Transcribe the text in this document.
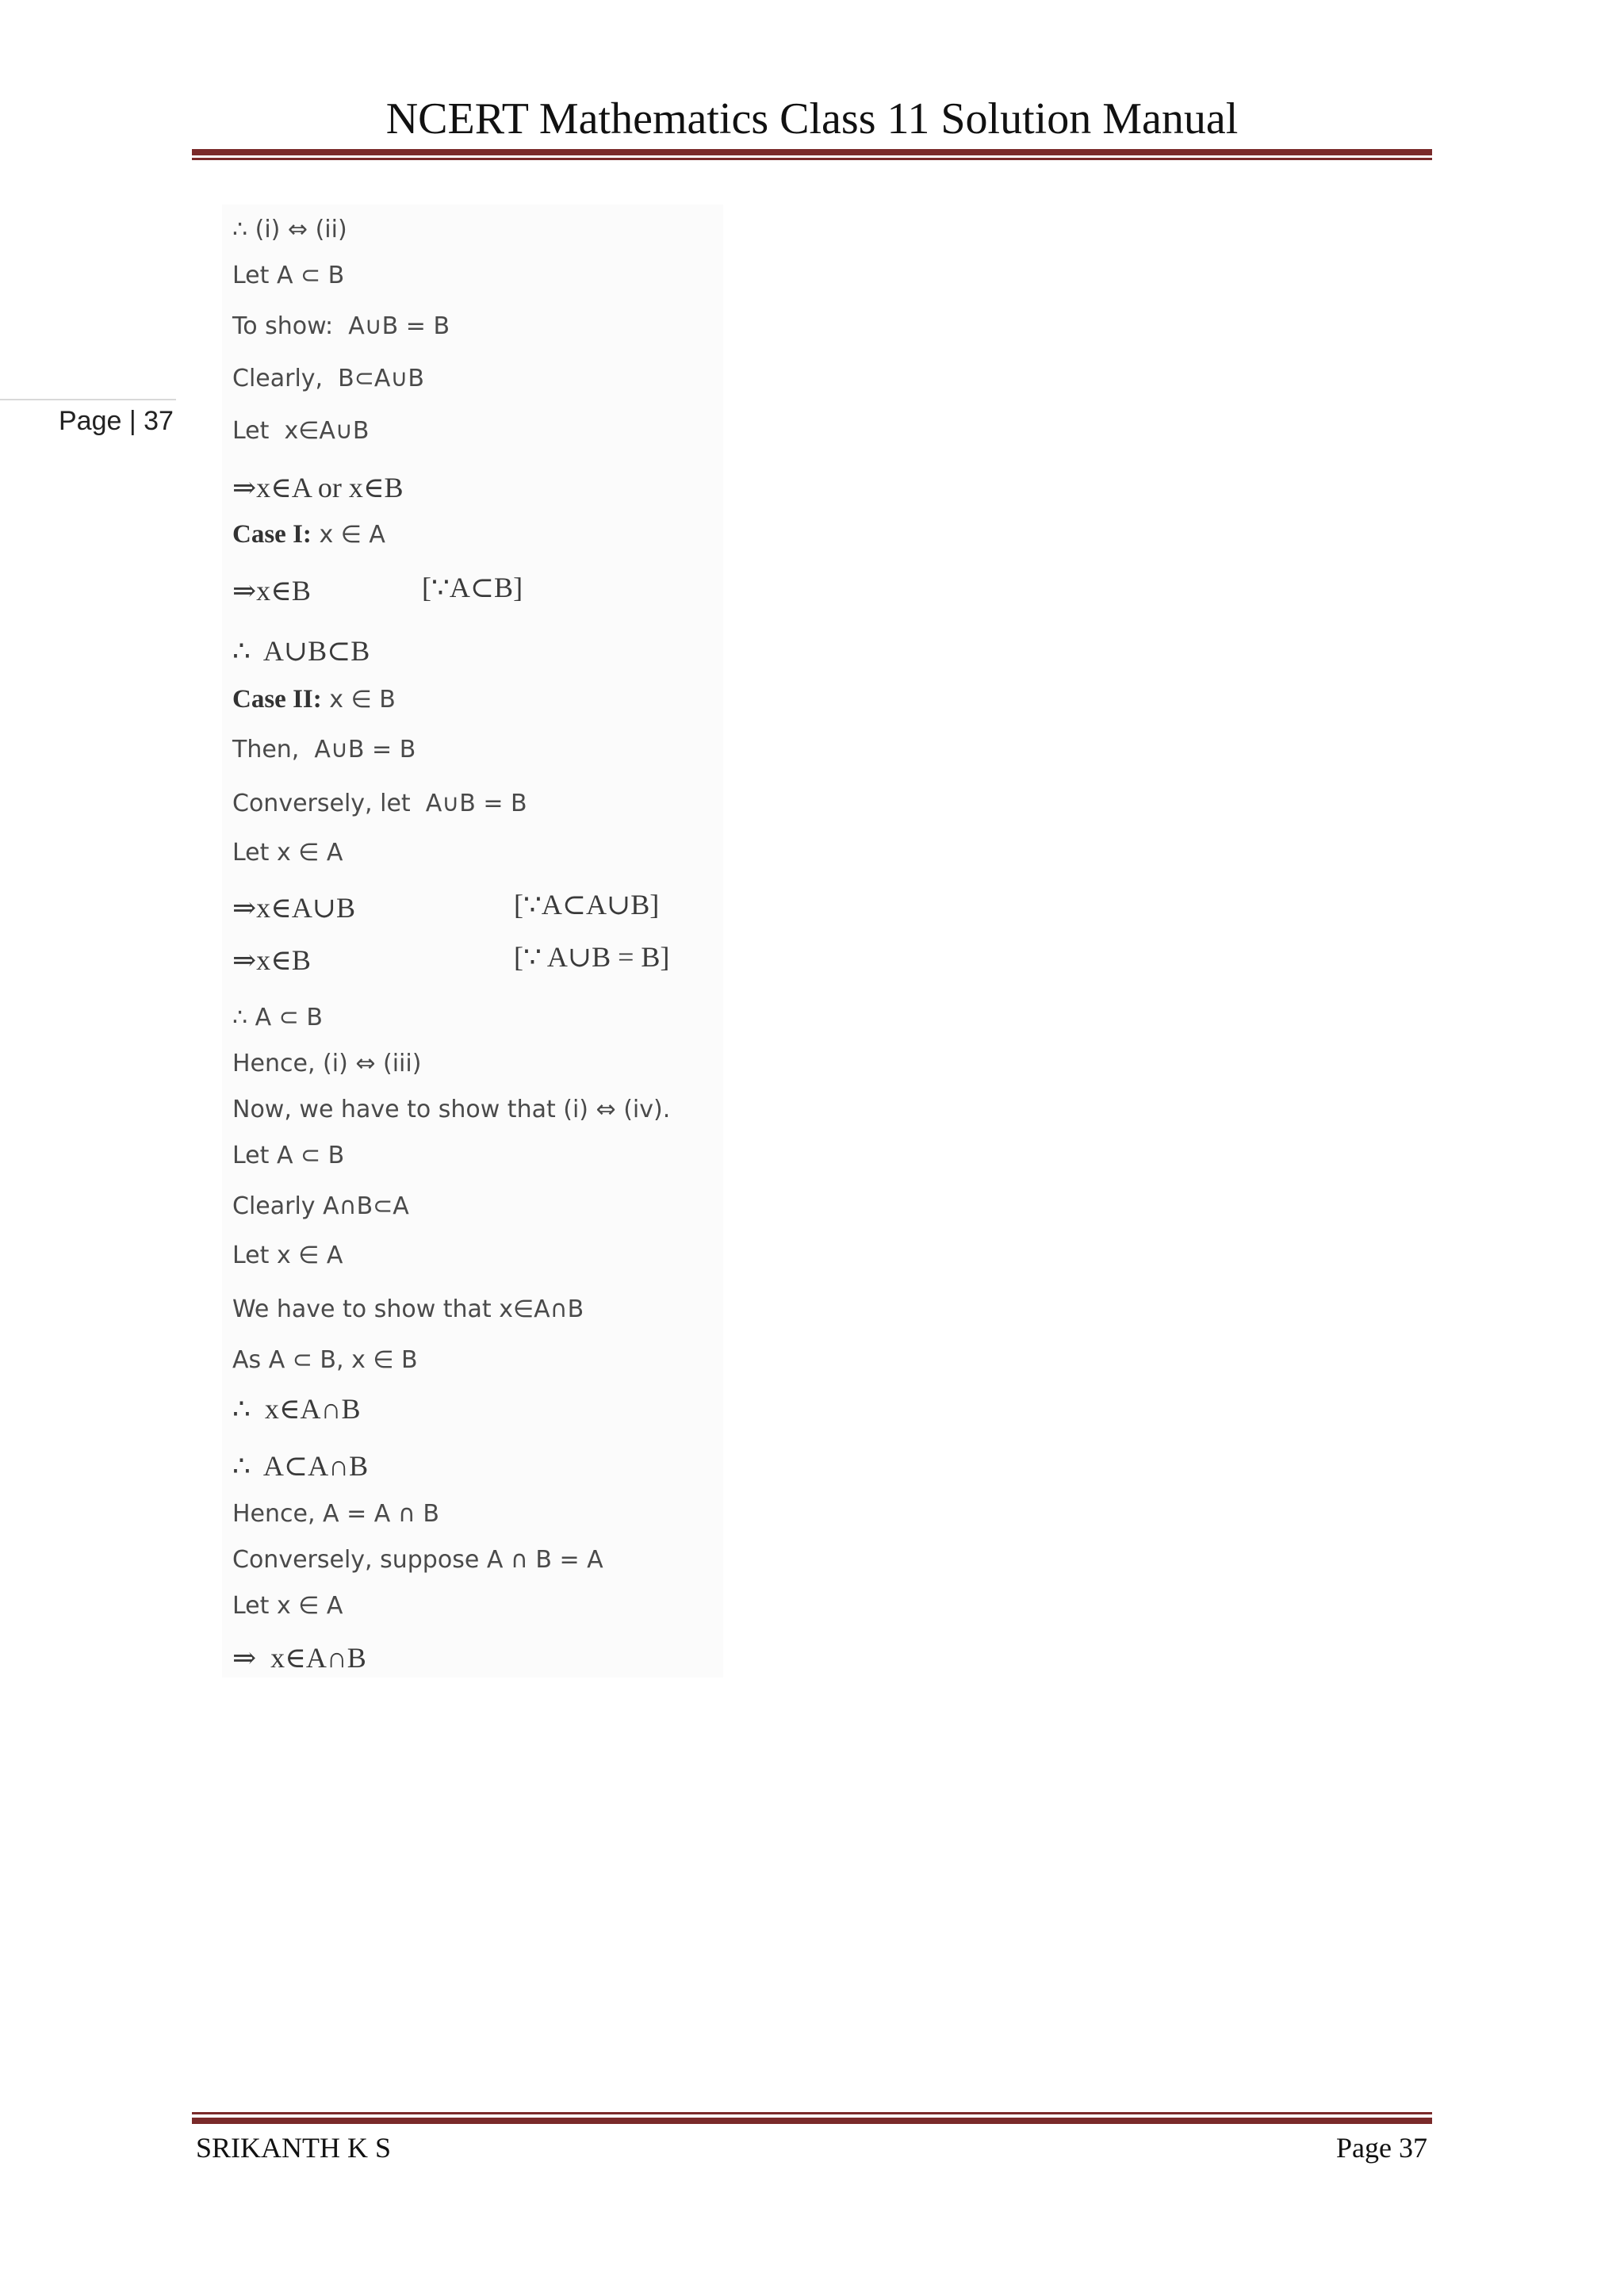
NCERT Mathematics Class 11 Solution Manual
Page | 37
∴ (i) ⇔ (ii)
Let A ⊂ B
To show:  A∪B = B
Clearly,  B⊂A∪B
Let  x∈A∪B
⇒x∈A or x∈B
Case I: x ∈ A
⇒x∈B	[∵A⊂B]
∴  A∪B⊂B
Case II: x ∈ B
Then,  A∪B = B
Conversely, let  A∪B = B
Let x ∈ A
⇒x∈A∪B	[∵A⊂A∪B]
⇒x∈B	[∵ A∪B = B]
∴ A ⊂ B
Hence, (i) ⇔ (iii)
Now, we have to show that (i) ⇔ (iv).
Let A ⊂ B
Clearly A∩B⊂A
Let x ∈ A
We have to show that x∈A∩B
As A ⊂ B, x ∈ B
∴  x∈A∩B
∴  A⊂A∩B
Hence, A = A ∩ B
Conversely, suppose A ∩ B = A
Let x ∈ A
⇒  x∈A∩B
SRIKANTH K S	Page 37
